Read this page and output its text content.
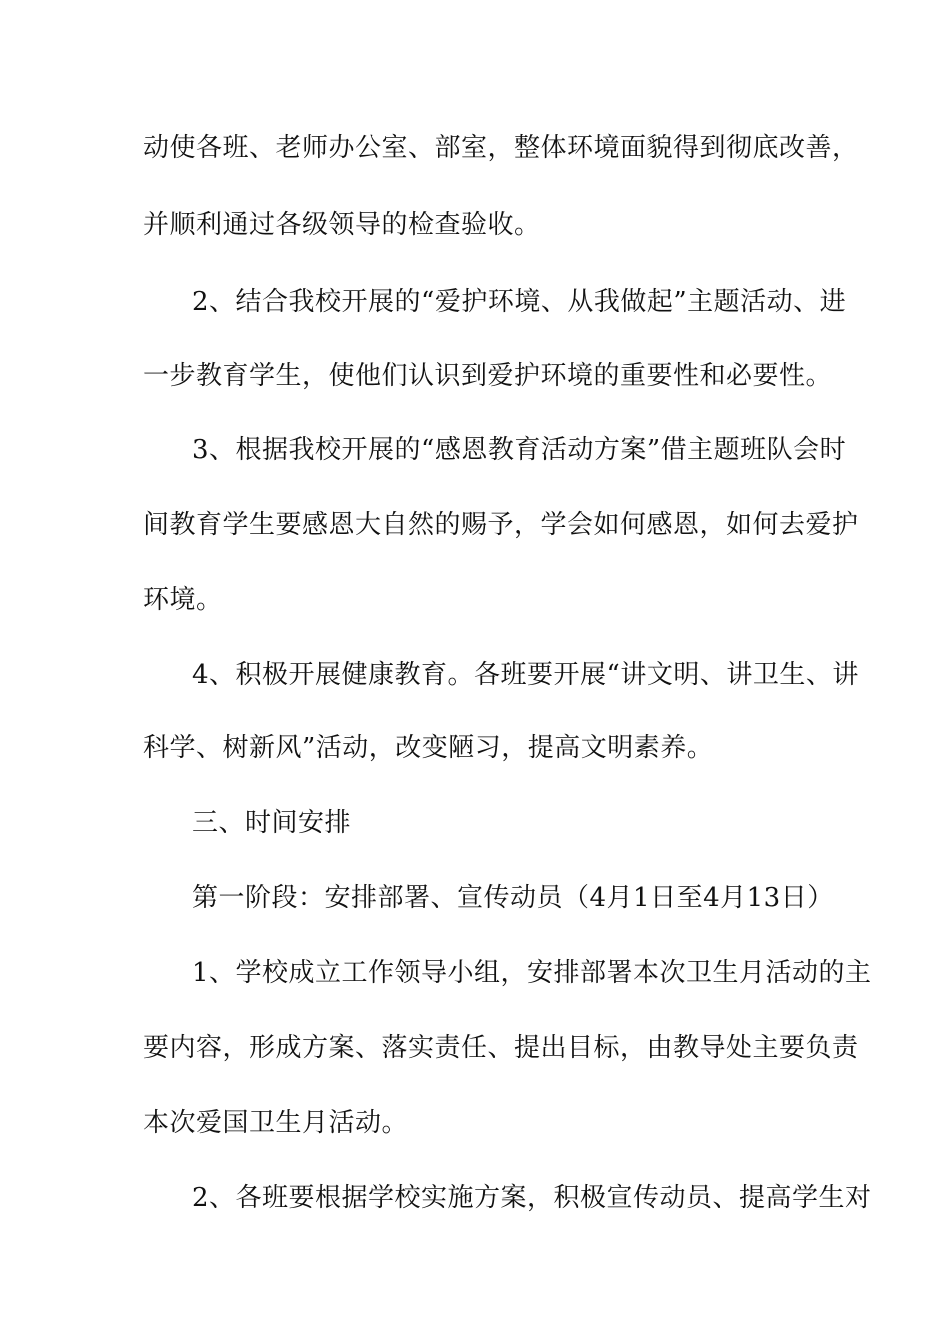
动使各班、老师办公室、部室，整体环境面貌得到彻底改善，
并顺利通过各级领导的检查验收。
2、结合我校开展的“爱护环境、从我做起”主题活动、进
一步教育学生，使他们认识到爱护环境的重要性和必要性。
3、根据我校开展的“感恩教育活动方案”借主题班队会时
间教育学生要感恩大自然的赐予，学会如何感恩，如何去爱护
环境。
4、积极开展健康教育。各班要开展“讲文明、讲卫生、讲
科学、树新风”活动，改变陋习，提高文明素养。
三、时间安排
第一阶段：安排部署、宣传动员（4月1日至4月13日）
1、学校成立工作领导小组，安排部署本次卫生月活动的主
要内容，形成方案、落实责任、提出目标，由教导处主要负责
本次爱国卫生月活动。
2、各班要根据学校实施方案，积极宣传动员、提高学生对
